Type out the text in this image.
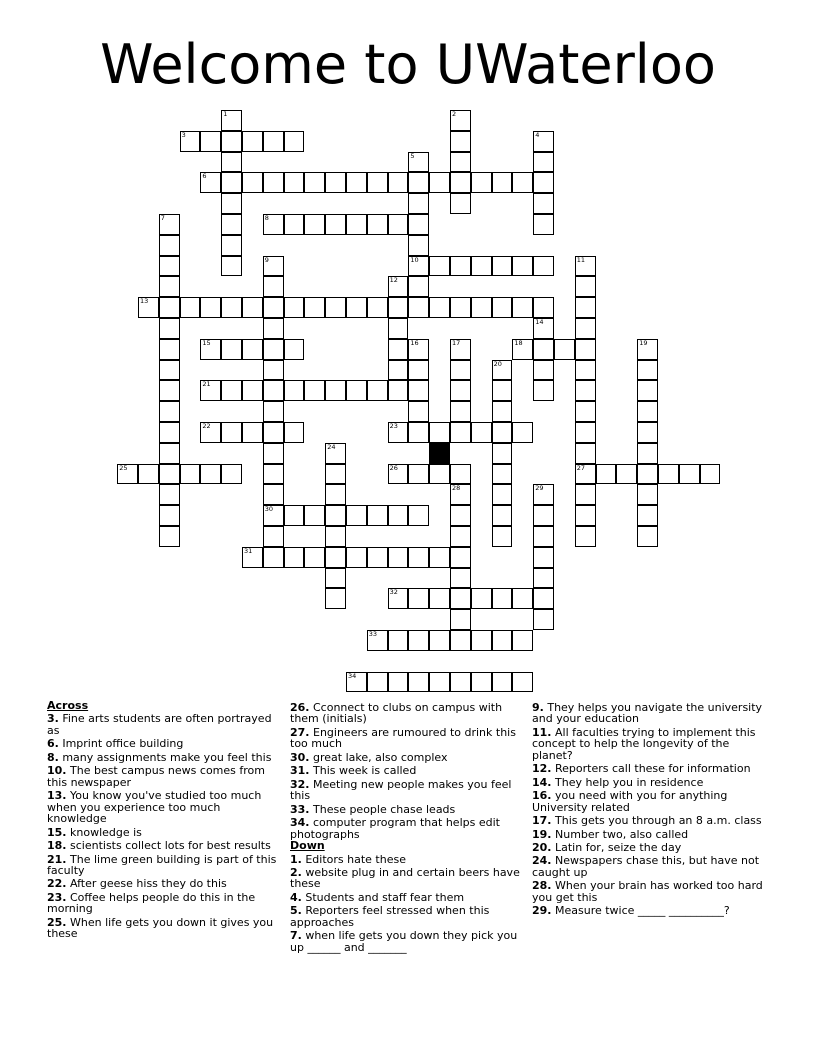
Welcome to UWaterloo
1	2
3	4
5
6
7	8
9	10	11
12
13
14
15	16	17	18	19
20
21
22	23
24
25	26	27
28	29
30
31
32
33
34
Across
3. Fine arts students are often portrayed as
6. Imprint office building
8. many assignments make you feel this
10. The best campus news comes from this newspaper
13. You know you've studied too much when you experience too much knowledge
15. knowledge is
18. scientists collect lots for best results
21. The lime green building is part of this faculty
22. After geese hiss they do this
23. Coffee helps people do this in the morning
25. When life gets you down it gives you these
26. Cconnect to clubs on campus with them (initials)
27. Engineers are rumoured to drink this too much
30. great lake, also complex
31. This week is called
32. Meeting new people makes you feel this
33. These people chase leads
34. computer program that helps edit photographs
Down
1. Editors hate these
2. website plug in and certain beers have these
4. Students and staff fear them
5. Reporters feel stressed when this approaches
7. when life gets you down they pick you up ______ and _______
9. They helps you navigate the university and your education
11. All faculties trying to implement this concept to help the longevity of the planet?
12. Reporters call these for information
14. They help you in residence
16. you need with you for anything University related
17. This gets you through an 8 a.m. class
19. Number two, also called
20. Latin for, seize the day
24. Newspapers chase this, but have not caught up
28. When your brain has worked too hard you get this
29. Measure twice _____ __________?
